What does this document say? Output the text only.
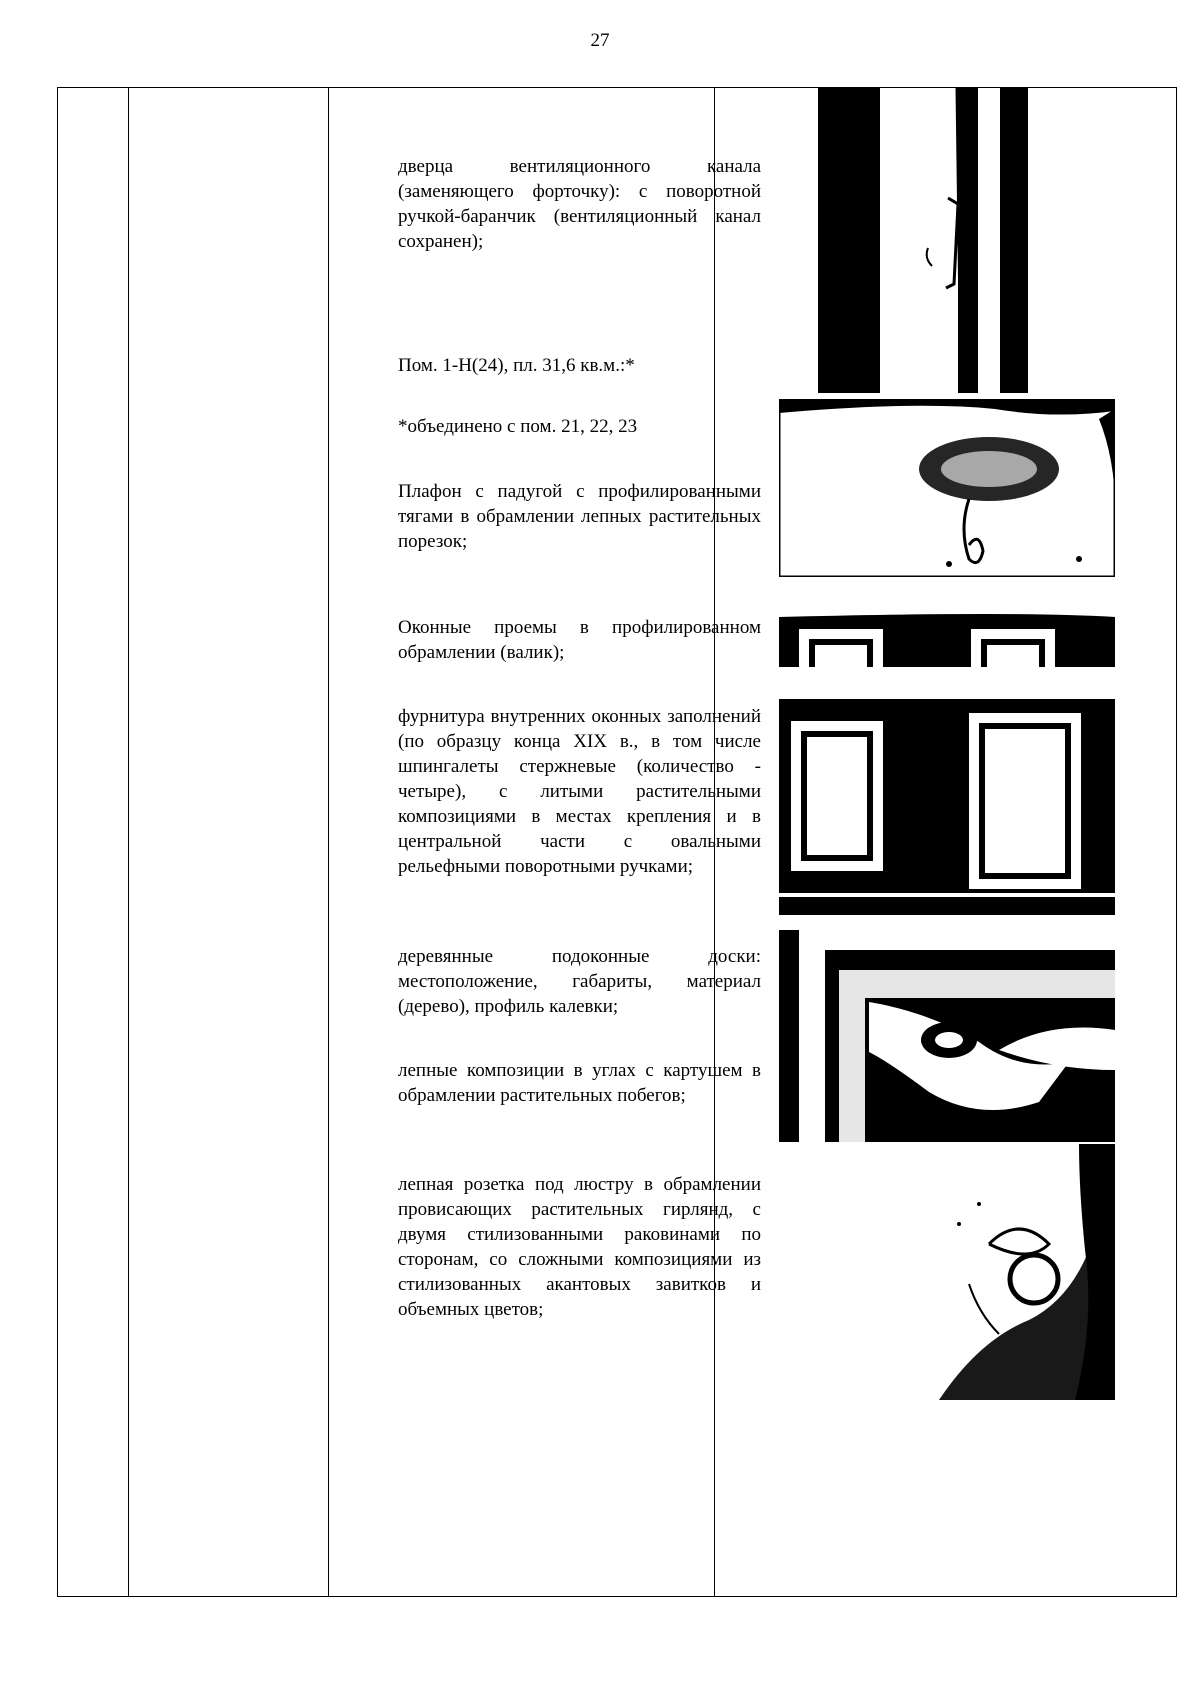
27
дверца вентиляционного канала (заменяющего форточку): с поворотной ручкой-баранчик (вентиляционный канал сохранен);
Пом. 1-Н(24), пл. 31,6 кв.м.:*
*объединено с пом. 21, 22, 23
Плафон с падугой с профилированными тягами в обрамлении лепных растительных порезок;
Оконные проемы в профилированном обрамлении (валик);
фурнитура внутренних оконных заполнений (по образцу конца XIX в., в том числе шпингалеты стержневые (количество - четыре), с литыми растительными композициями в местах крепления и в центральной части с овальными рельефными поворотными ручками;
деревянные подоконные доски: местоположение, габариты, материал (дерево), профиль калевки;
лепные композиции в углах с картушем в обрамлении растительных побегов;
лепная розетка под люстру в обрамлении провисающих растительных гирлянд, с двумя стилизованными раковинами по сторонам, со сложными композициями из стилизованных акантовых завитков и объемных цветов;
